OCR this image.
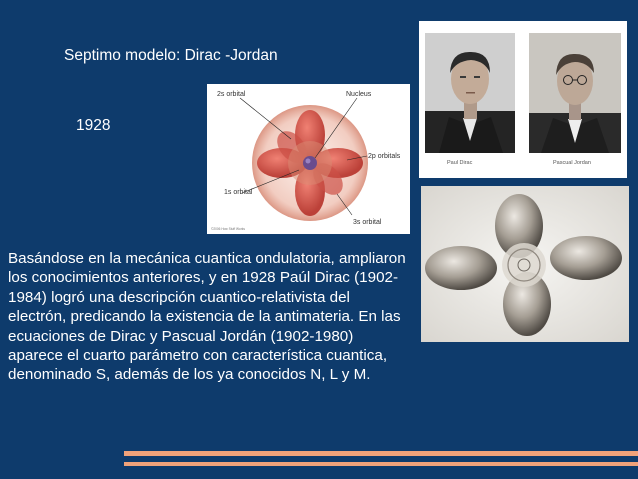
Septimo modelo: Dirac -Jordan
1928
2s orbital	Nucleus
2p orbitals
1s orbital
3s orbital
©2006 How Stuff Works
Paul Dirac	Pascual Jordan
Basándose en la mecánica cuantica ondulatoria, ampliaron los conocimientos anteriores, y en 1928 Paúl Dirac (1902-1984) logró una descripción cuantico-relativista del electrón, predicando la existencia de la antimateria. En las ecuaciones de Dirac y Pascual Jordán (1902-1980) aparece el cuarto parámetro con característica cuantica, denominado S, además de los ya conocidos N, L y M.
